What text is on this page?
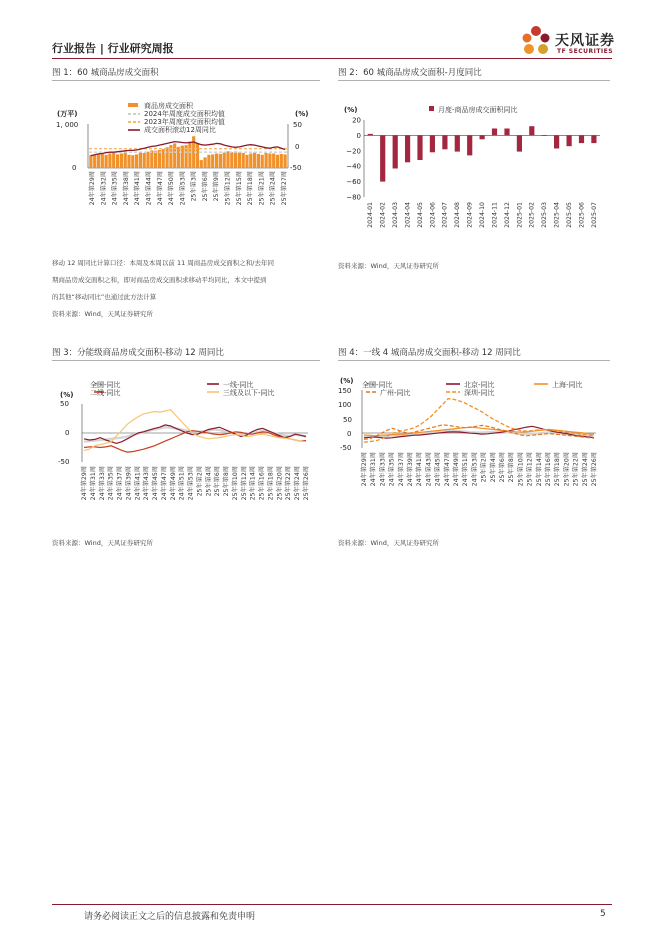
行业报告 | 行业研究周报	天风证券
TF SECURITIES
图 1：60 城商品房成交面积
商品房成交面积
2024年周度成交面积均值
2023年周度成交面积均值
成交面积滚动12周同比
(万平)
1, 000
0
(%)
50
0
-50
24年第29周 24年第32周 24年第35周 24年第38周 24年第41周 24年第44周 24年第47周 24年第50周 24年第53周 25年第3周 25年第6周 25年第9周 25年第12周 25年第15周 25年第18周 25年第21周 25年第24周 25年第27周
移动 12 周同比计算口径：本周及本周以前 11 周商品房成交面积之和/去年同
期商品房成交面积之和，即对商品房成交面积求移动平均同比，本文中提到
的其他“移动同比”也通过此方法计算
资料来源：Wind，天风证券研究所
图 2：60 城商品房成交面积-月度同比
(%)	月度-商品房成交面积同比
20
0
−20
−40
−60
−80
2024-01 2024-02 2024-03 2024-04 2024-05 2024-06 2024-07 2024-08 2024-09 2024-10 2024-11 2024-12 2025-01 2025-02 2025-03 2025-04 2025-05 2025-06 2025-07
资料来源：Wind，天风证券研究所
图 3：分能级商品房成交面积-移动 12 周同比
全国-同比	一线-同比
二线-同比	三线及以下-同比
(%)
50
0
-50
24年第29周 24年第31周 24年第33周 24年第35周 24年第37周 24年第39周 24年第41周 24年第43周 24年第45周 24年第47周 24年第49周 24年第51周 24年第53周 25年第2周 25年第4周 25年第6周 25年第8周 25年第10周 25年第12周 25年第14周 25年第16周 25年第18周 25年第20周 25年第22周 25年第24周 25年第26周
资料来源：Wind，天风证券研究所
图 4：一线 4 城商品房成交面积-移动 12 周同比
全国-同比	北京-同比	上海-同比
广州-同比	深圳-同比
(%)
150
100
50
0
-50
24年第29周 24年第31周 24年第33周 24年第35周 24年第37周 24年第39周 24年第41周 24年第43周 24年第45周 24年第47周 24年第49周 24年第51周 24年第53周 25年第2周 25年第4周 25年第6周 25年第8周 25年第10周 25年第12周 25年第14周 25年第16周 25年第18周 25年第20周 25年第22周 25年第24周 25年第26周
资料来源：Wind，天风证券研究所
请务必阅读正文之后的信息披露和免责申明	5
